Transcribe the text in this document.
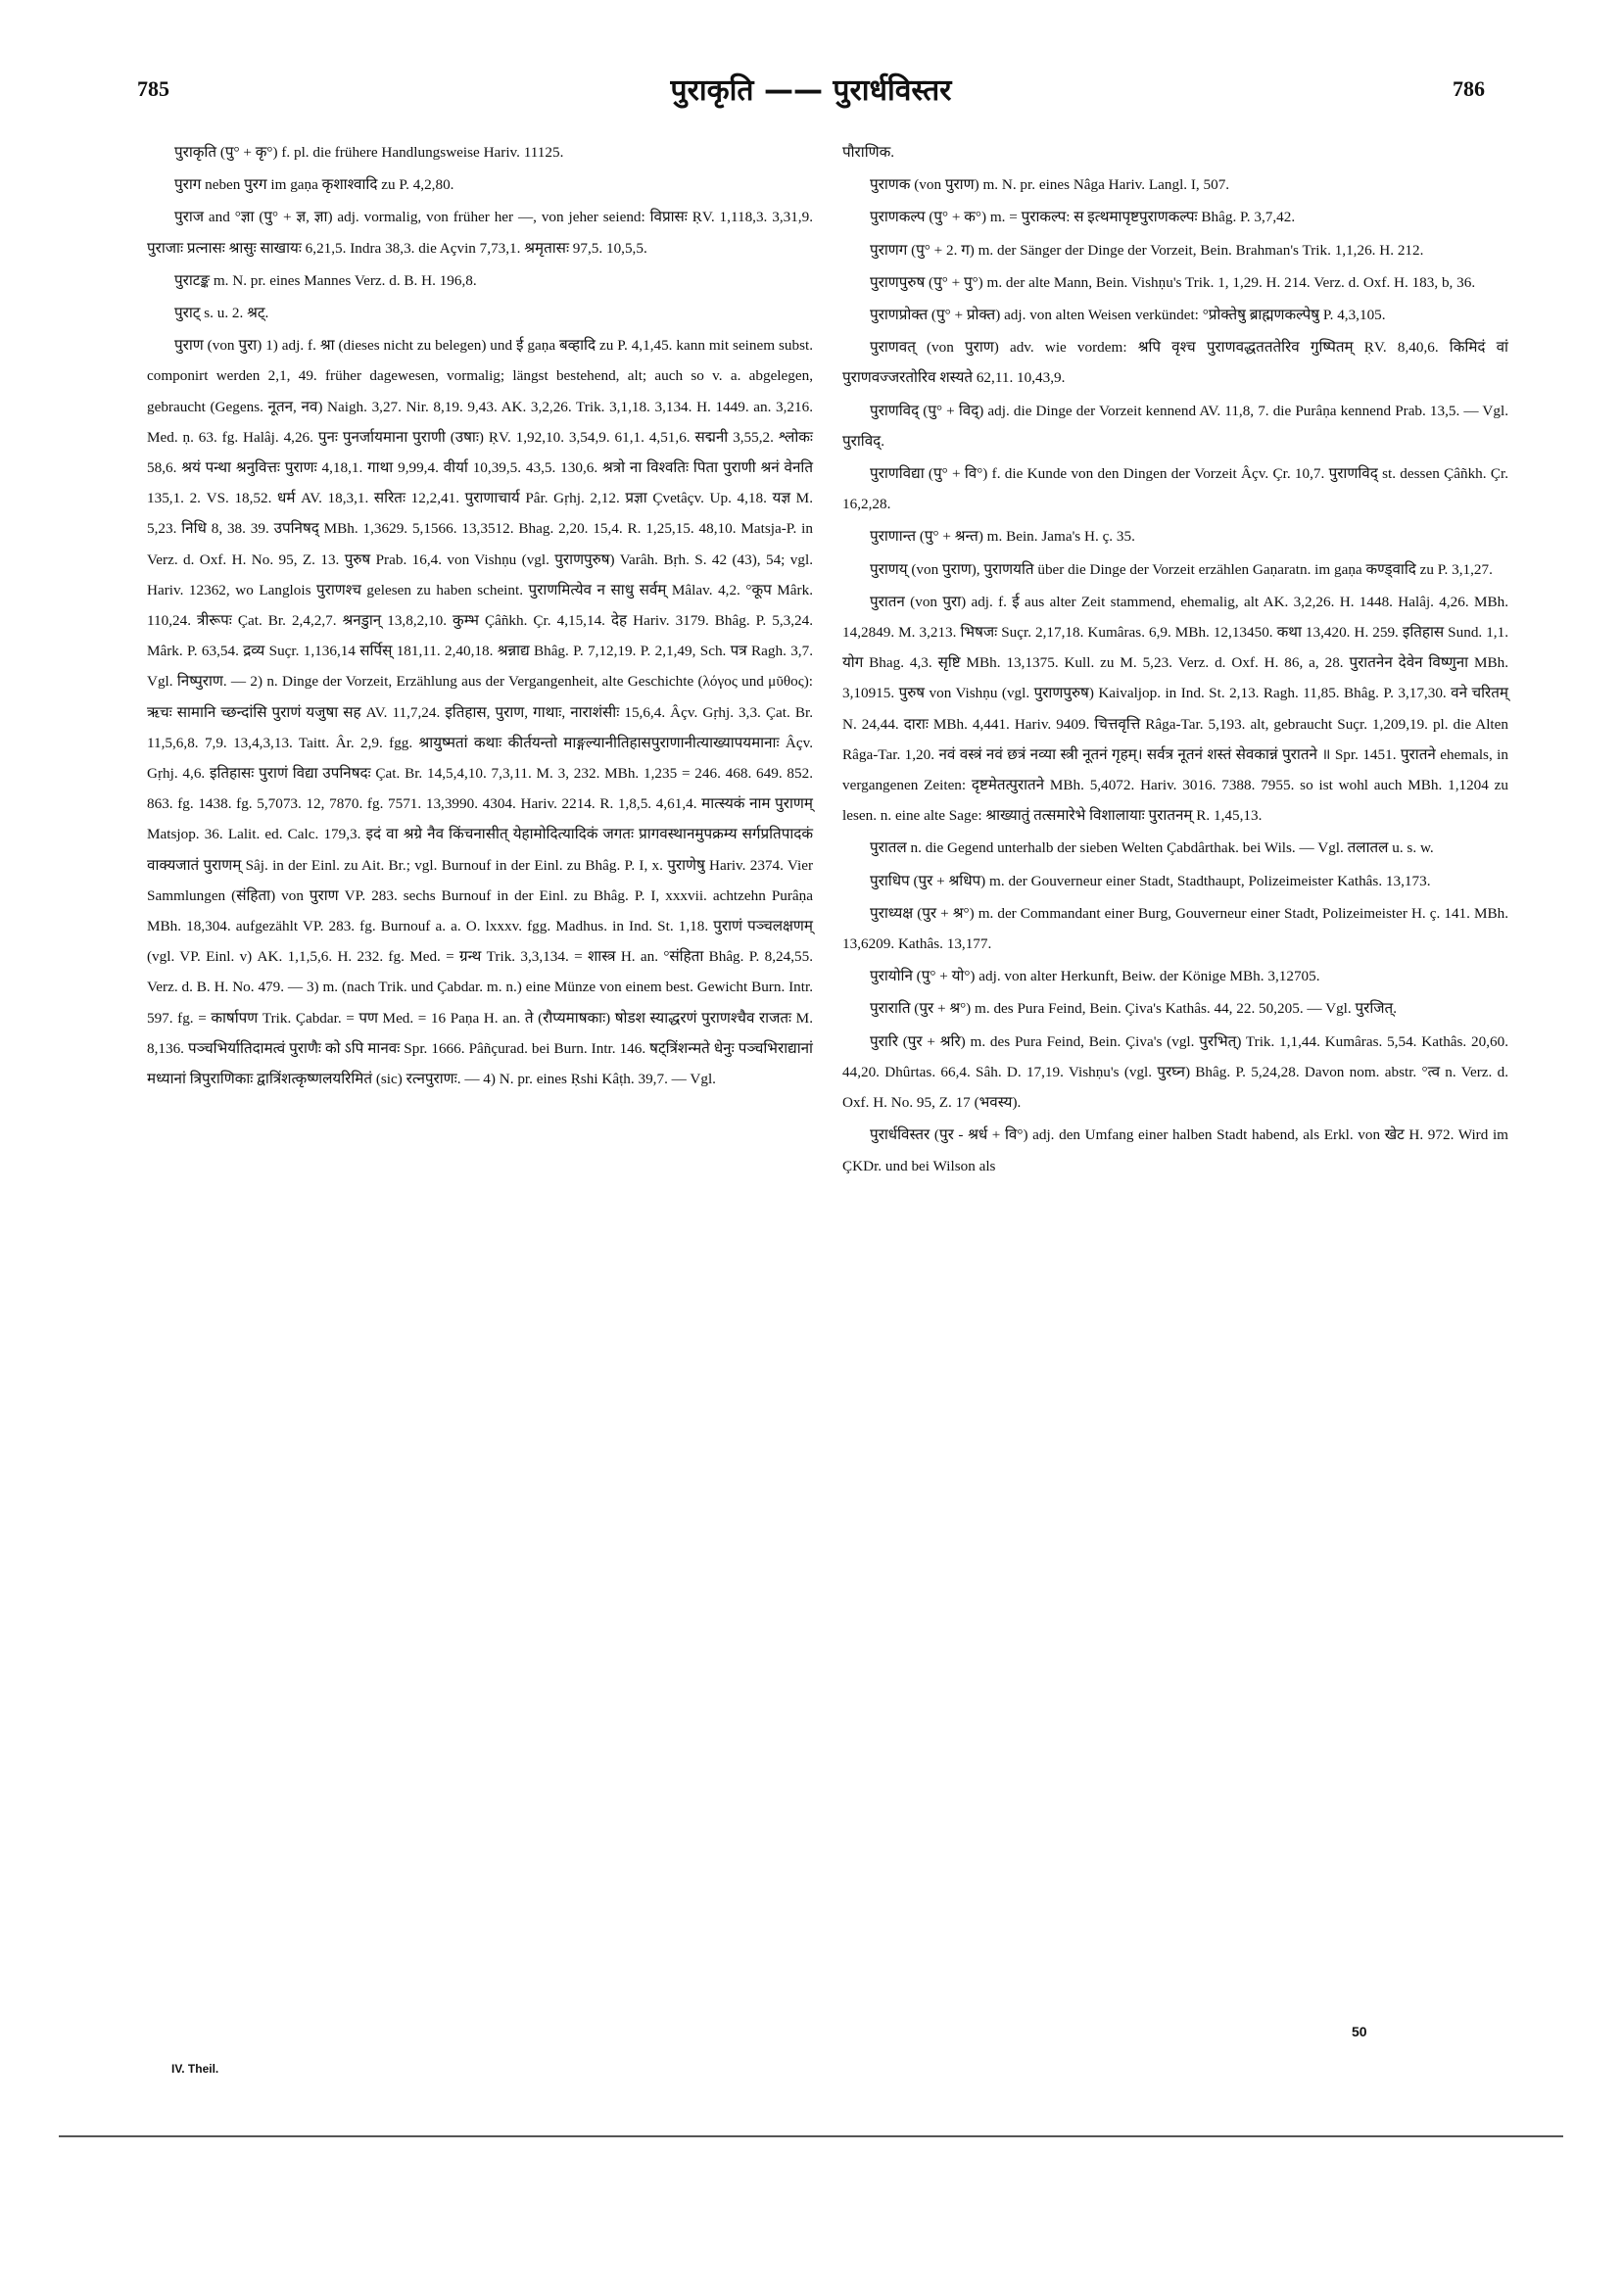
785	पुराकृति —— पुरार्धविस्तर	786

पुराकृति (पु° + कृ°) f. pl. die frühere Handlungsweise Hariv. 11125.

पुराग neben पुरग im gaṇa कृशाश्वादि zu P. 4,2,80.

पुराज and °ज्ञा (पु° + ज्ञ, ज्ञा) adj. vormalig, von früher her —, von jeher seiend: विप्रासः ṚV. 1,118,3. 3,31,9. पुराजाः प्रत्नासः श्रासुः साखायः 6,21,5. Indra 38,3. die Açvin 7,73,1. श्रमृतासः 97,5. 10,5,5.

पुराटङ्क m. N. pr. eines Mannes Verz. d. B. H. 196,8.

पुराट् s. u. 2. श्रट्.

पुराण (von पुरा) 1) adj. f. श्रा (dieses nicht zu belegen) und ई gaṇa बव्हादि zu P. 4,1,45. kann mit seinem subst. componirt werden 2,1, 49. früher dagewesen, vormalig; längst bestehend, alt; auch so v. a. abgelegen, gebraucht (Gegens. नूतन, नव) Naigh. 3,27. Nir. 8,19. 9,43. AK. 3,2,26. Trik. 3,1,18. 3,134. H. 1449. an. 3,216. Med. ṇ. 63. fg. Halâj. 4,26. पुनः पुनर्जायमाना पुराणी (उषाः) ṚV. 1,92,10. 3,54,9. 61,1. 4,51,6. सद्मनी 3,55,2. श्लोकः 58,6. श्रयं पन्था श्रनुवित्तः पुराणः 4,18,1. गाथा 9,99,4. वीर्या 10,39,5. 43,5. 130,6. श्रत्रो ना विश्वतिः पिता पुराणी श्रनं वेनति 135,1. 2. VS. 18,52. धर्म AV. 18,3,1. सरितः 12,2,41. पुराणाचार्य Pâr. Gṛhj. 2,12. प्रज्ञा Çvetâçv. Up. 4,18. यज्ञ M. 5,23. निधि 8, 38. 39. उपनिषद् MBh. 1,3629. 5,1566. 13,3512. Bhag. 2,20. 15,4. R. 1,25,15. 48,10. Matsja-P. in Verz. d. Oxf. H. No. 95, Z. 13. पुरुष Prab. 16,4. von Vishṇu (vgl. पुराणपुरुष) Varâh. Bṛh. S. 42 (43), 54; vgl. Hariv. 12362, wo Langlois पुराणश्च gelesen zu haben scheint. पुराणमित्येव न साधु सर्वम् Mâlav. 4,2. °कूप Mârk. 110,24. त्रीरूपः Çat. Br. 2,4,2,7. श्रनडुान् 13,8,2,10. कुम्भ Çâñkh. Çr. 4,15,14. देह Hariv. 3179. Bhâg. P. 5,3,24. Mârk. P. 63,54. द्रव्य Suçr. 1,136,14 सर्पिस् 181,11. 2,40,18. श्रन्नाद्य Bhâg. P. 7,12,19. P. 2,1,49, Sch. पत्र Ragh. 3,7. Vgl. निष्पुराण. — 2) n. Dinge der Vorzeit, Erzählung aus der Vergangenheit, alte Geschichte (λόγος und μῦθος): ऋचः सामानि च्छन्दांसि पुराणं यजुषा सह AV. 11,7,24. इतिहास, पुराण, गाथाः, नाराशंसीः 15,6,4. Âçv. Gṛhj. 3,3. Çat. Br. 11,5,6,8. 7,9. 13,4,3,13. Taitt. Âr. 2,9. fgg. श्रायुष्मतां कथाः कीर्तयन्तो माङ्गल्यानीतिहासपुराणानीत्याख्यापयमानाः Âçv. Gṛhj. 4,6. इतिहासः पुराणं विद्या उपनिषदः Çat. Br. 14,5,4,10. 7,3,11. M. 3, 232. MBh. 1,235 = 246. 468. 649. 852. 863. fg. 1438. fg. 5,7073. 12, 7870. fg. 7571. 13,3990. 4304. Hariv. 2214. R. 1,8,5. 4,61,4. मात्स्यकं नाम पुराणम् Matsjop. 36. Lalit. ed. Calc. 179,3. इदं वा श्रग्रे नैव किंचनासीत् येहामोदित्यादिकं जगतः प्रागवस्थानमुपक्रम्य सर्गप्रतिपादकं वाक्यजातं पुराणम् Sâj. in der Einl. zu Ait. Br.; vgl. Burnouf in der Einl. zu Bhâg. P. I, x. पुराणेषु Hariv. 2374. Vier Sammlungen (संहिता) von पुराण VP. 283. sechs Burnouf in der Einl. zu Bhâg. P. I, xxxvii. achtzehn Purâṇa MBh. 18,304. aufgezählt VP. 283. fg. Burnouf a. a. O. lxxxv. fgg. Madhus. in Ind. St. 1,18. पुराणं पञ्चलक्षणम् (vgl. VP. Einl. v) AK. 1,1,5,6. H. 232. fg. Med. = ग्रन्थ Trik. 3,3,134. = शास्त्र H. an. °संहिता Bhâg. P. 8,24,55. Verz. d. B. H. No. 479. — 3) m. (nach Trik. und Çabdar. m. n.) eine Münze von einem best. Gewicht Burn. Intr. 597. fg. = कार्षापण Trik. Çabdar. = पण Med. = 16 Paṇa H. an. ते (रौप्यमाषकाः) षोडश स्याद्धरणं पुराणश्चैव राजतः M. 8,136. पञ्चभिर्यातिदामत्वं पुराणैः को ऽपि मानवः Spr. 1666. Pâñçurad. bei Burn. Intr. 146. षट्त्रिंशन्मते धेनुः पञ्चभिराद्यानां मध्यानां त्रिपुराणिकाः द्वात्रिंशत्कृष्णलयरिमितं (sic) रत्नपुराणः. — 4) N. pr. eines Ṛshi Kâṭh. 39,7. — Vgl.

IV. Theil.

पौराणिक.

पुराणक (von पुराण) m. N. pr. eines Nâga Hariv. Langl. I, 507.

पुराणकल्प (पु° + क°) m. = पुराकल्प: स इत्थमापृष्टपुराणकल्पः Bhâg. P. 3,7,42.

पुराणग (पु° + 2. ग) m. der Sänger der Dinge der Vorzeit, Bein. Brahman's Trik. 1,1,26. H. 212.

पुराणपुरुष (पु° + पु°) m. der alte Mann, Bein. Vishṇu's Trik. 1, 1,29. H. 214. Verz. d. Oxf. H. 183, b, 36.

पुराणप्रोक्त (पु° + प्रोक्त) adj. von alten Weisen verkündet: °प्रोक्तेषु ब्राह्मणकल्पेषु P. 4,3,105.

पुराणवत् (von पुराण) adv. wie vordem: श्रपि वृश्च पुराणवद्धतततेरिव गुष्पितम् ṚV. 8,40,6. किमिदं वां पुराणवज्जरतोरिव शस्यते 62,11. 10,43,9.

पुराणविद् (पु° + विद्) adj. die Dinge der Vorzeit kennend AV. 11,8, 7. die Purâṇa kennend Prab. 13,5. — Vgl. पुराविद्.

पुराणविद्या (पु° + वि°) f. die Kunde von den Dingen der Vorzeit Âçv. Çr. 10,7. पुराणविद् st. dessen Çâñkh. Çr. 16,2,28.

पुराणान्त (पु° + श्रन्त) m. Bein. Jama's H. ç. 35.

पुराणय् (von पुराण), पुराणयति über die Dinge der Vorzeit erzählen Gaṇaratn. im gaṇa कण्ड्वादि zu P. 3,1,27.

पुरातन (von पुरा) adj. f. ई aus alter Zeit stammend, ehemalig, alt AK. 3,2,26. H. 1448. Halâj. 4,26. MBh. 14,2849. M. 3,213. भिषजः Suçr. 2,17,18. Kumâras. 6,9. MBh. 12,13450. कथा 13,420. H. 259. इतिहास Sund. 1,1. योग Bhag. 4,3. सृष्टि MBh. 13,1375. Kull. zu M. 5,23. Verz. d. Oxf. H. 86, a, 28. पुरातनेन देवेन विष्णुना MBh. 3,10915. पुरुष von Vishṇu (vgl. पुराणपुरुष) Kaivaljop. in Ind. St. 2,13. Ragh. 11,85. Bhâg. P. 3,17,30. वने चरितम् N. 24,44. दाराः MBh. 4,441. Hariv. 9409. चित्तवृत्ति Râga-Tar. 5,193. alt, gebraucht Suçr. 1,209,19. pl. die Alten Râga-Tar. 1,20. नवं वस्त्रं नवं छत्रं नव्या स्त्री नूतनं गृहम्। सर्वत्र नूतनं शस्तं सेवकान्नं पुरातने ॥ Spr. 1451. पुरातने ehemals, in vergangenen Zeiten: दृष्टमेतत्पुरातने MBh. 5,4072. Hariv. 3016. 7388. 7955. so ist wohl auch MBh. 1,1204 zu lesen. n. eine alte Sage: श्राख्यातुं तत्समारेभे विशालायाः पुरातनम् R. 1,45,13.

पुरातल n. die Gegend unterhalb der sieben Welten Çabdârthak. bei Wils. — Vgl. तलातल u. s. w.

पुराधिप (पुर + श्रधिप) m. der Gouverneur einer Stadt, Stadthaupt, Polizeimeister Kathâs. 13,173.

पुराध्यक्ष (पुर + श्र°) m. der Commandant einer Burg, Gouverneur einer Stadt, Polizeimeister H. ç. 141. MBh. 13,6209. Kathâs. 13,177.

पुरायोनि (पु° + यो°) adj. von alter Herkunft, Beiw. der Könige MBh. 3,12705.

पुराराति (पुर + श्र°) m. des Pura Feind, Bein. Çiva's Kathâs. 44, 22. 50,205. — Vgl. पुरजित्.

पुरारि (पुर + श्ररि) m. des Pura Feind, Bein. Çiva's (vgl. पुरभित्) Trik. 1,1,44. Kumâras. 5,54. Kathâs. 20,60. 44,20. Dhûrtas. 66,4. Sâh. D. 17,19. Vishṇu's (vgl. पुरघ्न) Bhâg. P. 5,24,28. Davon nom. abstr. °त्व n. Verz. d. Oxf. H. No. 95, Z. 17 (भवस्य).

पुरार्धविस्तर (पुर - श्रर्ध + वि°) adj. den Umfang einer halben Stadt habend, als Erkl. von खेट H. 972. Wird im ÇKDr. und bei Wilson als

50
